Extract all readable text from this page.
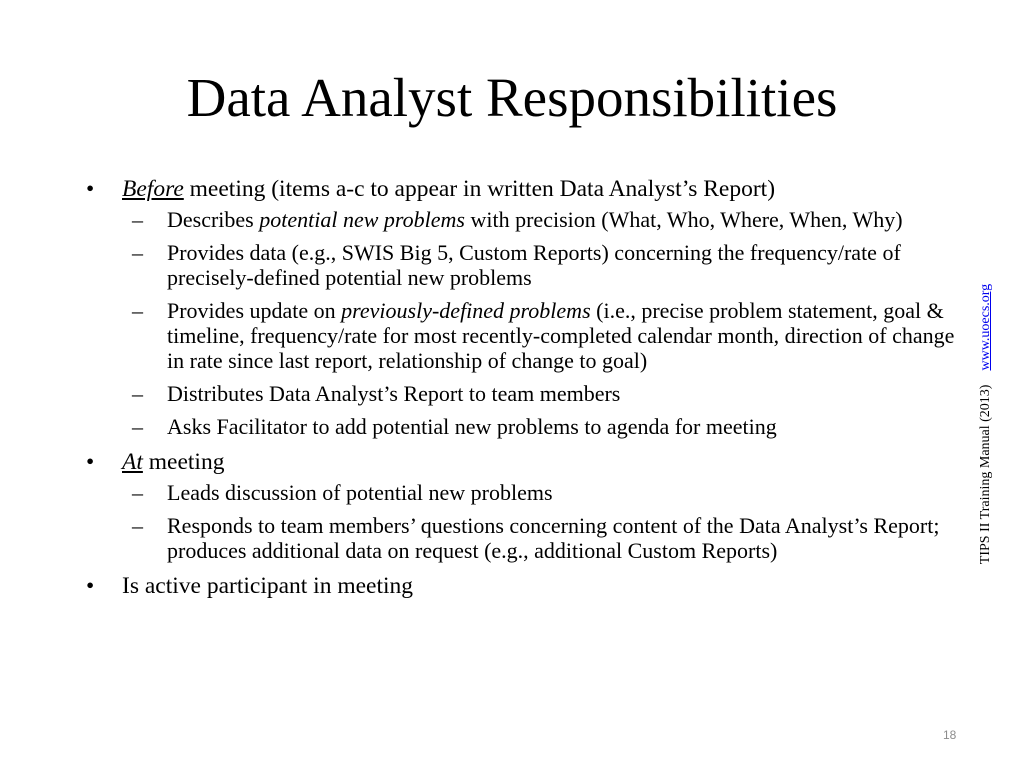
Data Analyst Responsibilities
• Before meeting (items a-c to appear in written Data Analyst’s Report)
– Describes potential new problems with precision (What, Who, Where, When, Why)
– Provides data (e.g., SWIS Big 5, Custom Reports) concerning the frequency/rate of precisely-defined potential new problems
– Provides update on previously-defined problems (i.e., precise problem statement, goal & timeline, frequency/rate for most recently-completed calendar month, direction of change in rate since last report, relationship of change to goal)
– Distributes Data Analyst’s Report to team members
– Asks Facilitator to add potential new problems to agenda for meeting
• At meeting
– Leads discussion of potential new problems
– Responds to team members’ questions concerning content of the Data Analyst’s Report; produces additional data on request (e.g., additional Custom Reports)
• Is active participant in meeting
TIPS II Training Manual (2013)www.uoecs.org
18
